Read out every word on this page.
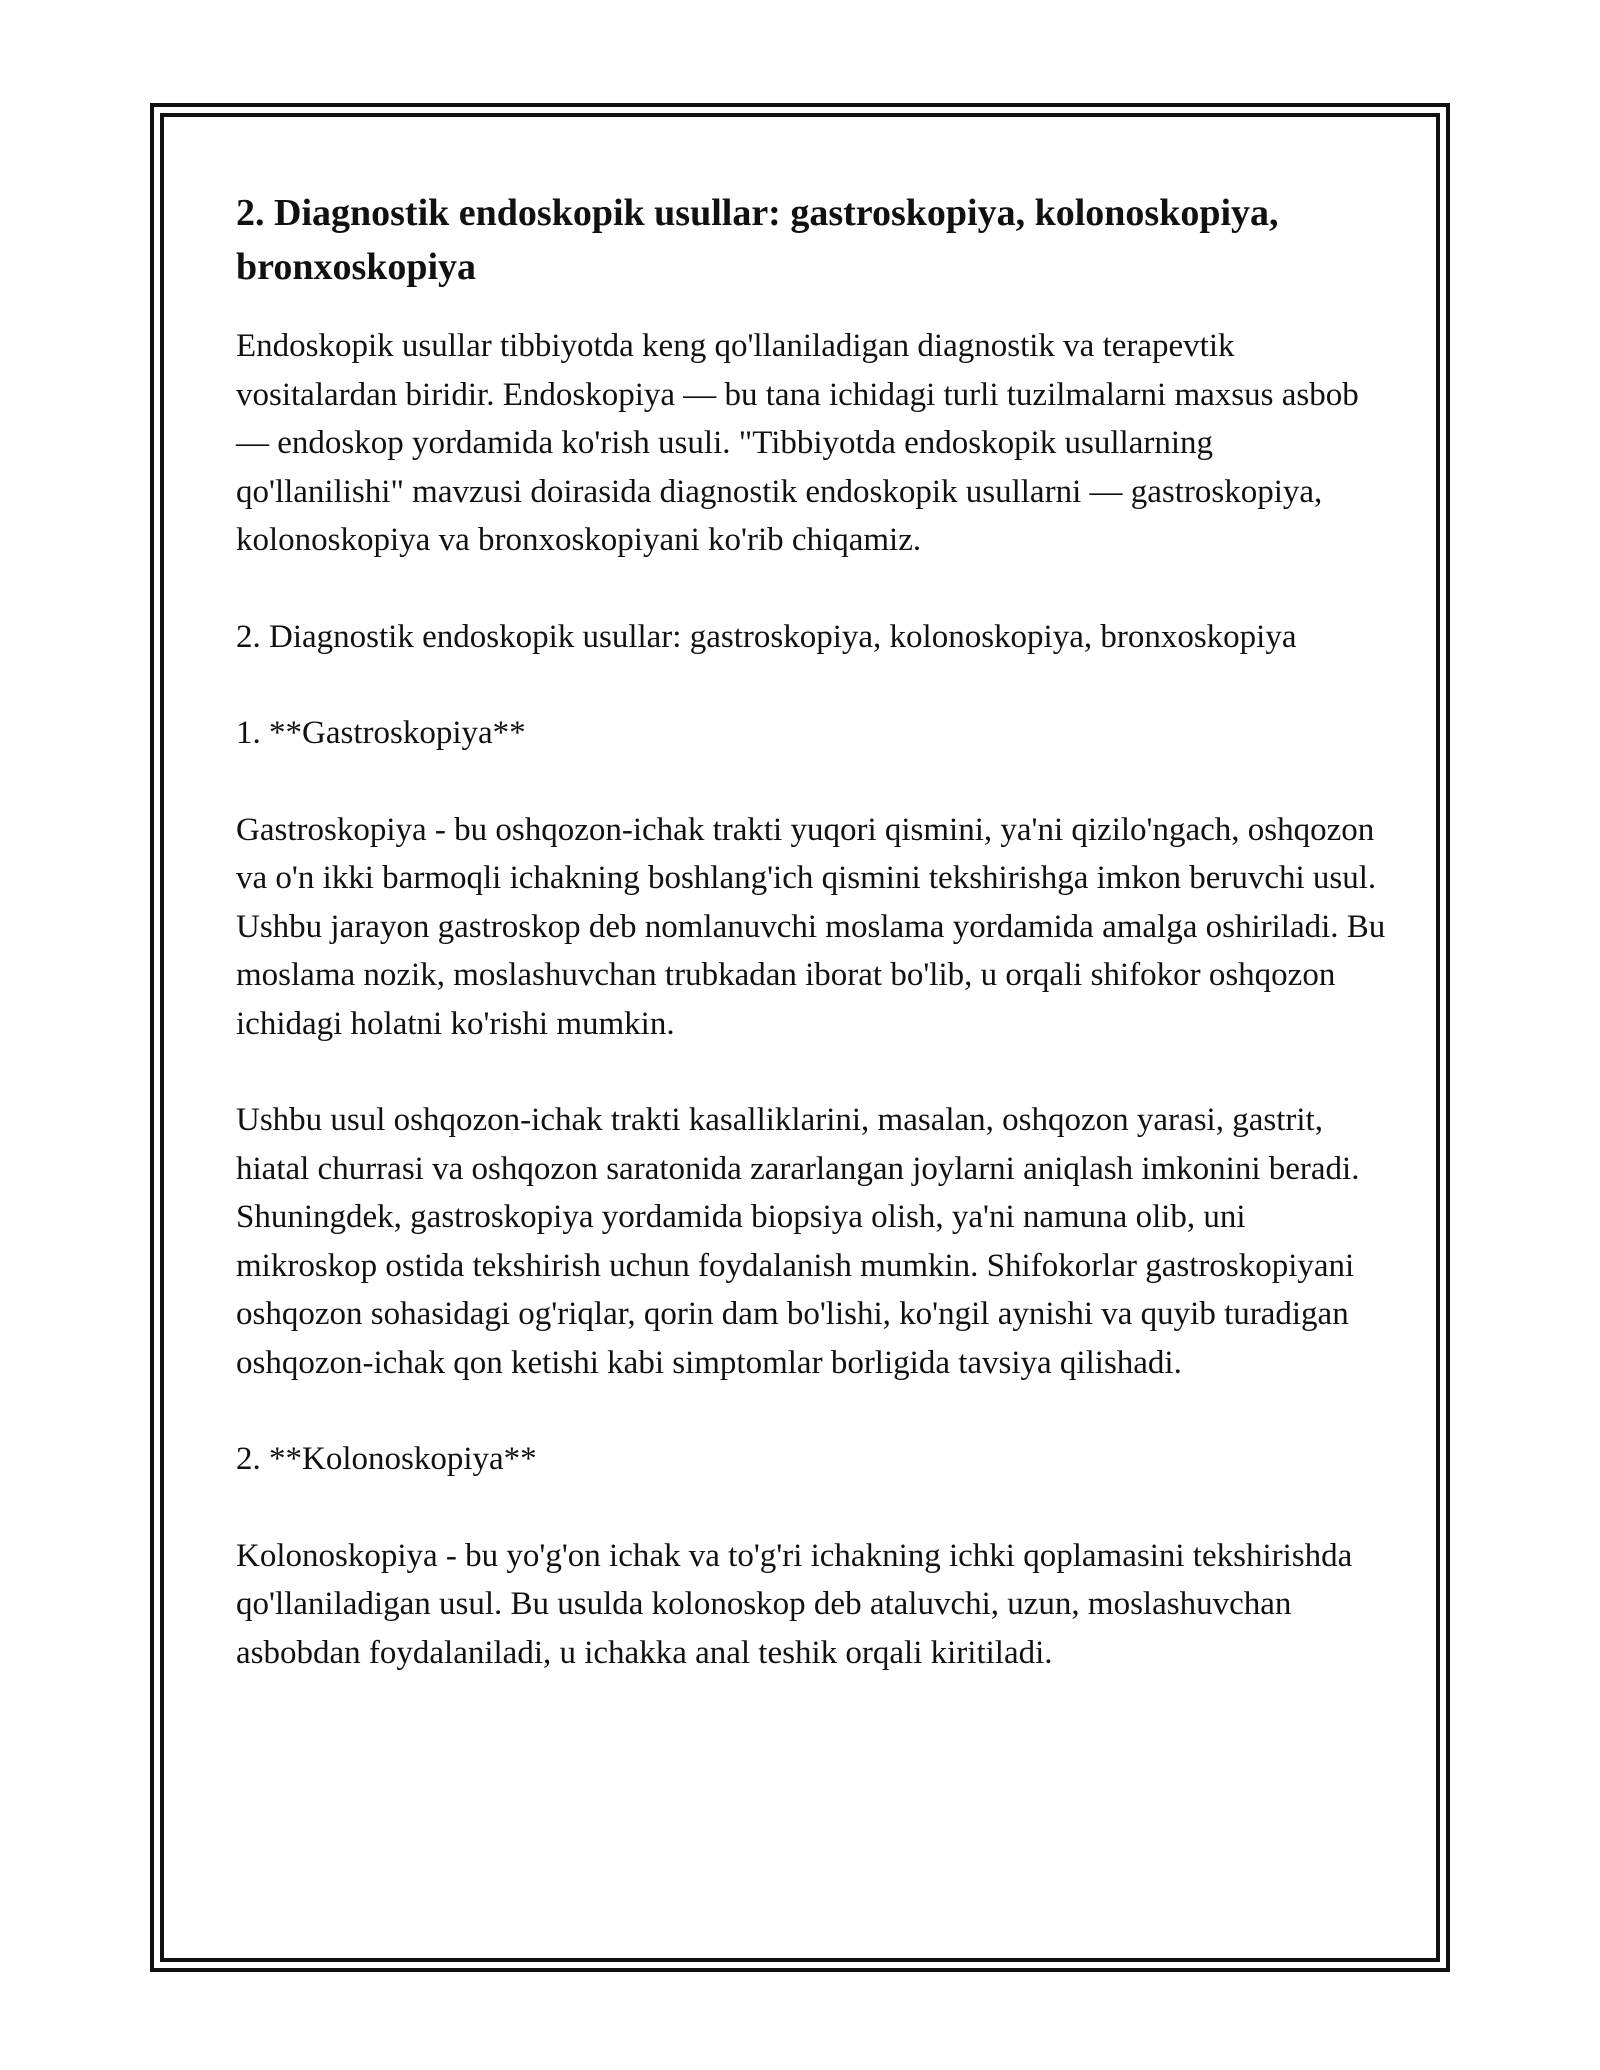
2. Diagnostik endoskopik usullar: gastroskopiya, kolonoskopiya, bronxoskopiya

Endoskopik usullar tibbiyotda keng qo'llaniladigan diagnostik va terapevtik vositalardan biridir. Endoskopiya — bu tana ichidagi turli tuzilmalarni maxsus asbob — endoskop yordamida ko'rish usuli. "Tibbiyotda endoskopik usullarning qo'llanilishi" mavzusi doirasida diagnostik endoskopik usullarni — gastroskopiya, kolonoskopiya va bronxoskopiyani ko'rib chiqamiz.

2. Diagnostik endoskopik usullar: gastroskopiya, kolonoskopiya, bronxoskopiya

1. **Gastroskopiya**

Gastroskopiya - bu oshqozon-ichak trakti yuqori qismini, ya'ni qizilo'ngach, oshqozon va o'n ikki barmoqli ichakning boshlang'ich qismini tekshirishga imkon beruvchi usul. Ushbu jarayon gastroskop deb nomlanuvchi moslama yordamida amalga oshiriladi. Bu moslama nozik, moslashuvchan trubkadan iborat bo'lib, u orqali shifokor oshqozon ichidagi holatni ko'rishi mumkin.

Ushbu usul oshqozon-ichak trakti kasalliklarini, masalan, oshqozon yarasi, gastrit, hiatal churrasi va oshqozon saratonida zararlangan joylarni aniqlash imkonini beradi. Shuningdek, gastroskopiya yordamida biopsiya olish, ya'ni namuna olib, uni mikroskop ostida tekshirish uchun foydalanish mumkin. Shifokorlar gastroskopiyani oshqozon sohasidagi og'riqlar, qorin dam bo'lishi, ko'ngil aynishi va quyib turadigan oshqozon-ichak qon ketishi kabi simptomlar borligida tavsiya qilishadi.

2. **Kolonoskopiya**

Kolonoskopiya - bu yo'g'on ichak va to'g'ri ichakning ichki qoplamasini tekshirishda qo'llaniladigan usul. Bu usulda kolonoskop deb ataluvchi, uzun, moslashuvchan asbobdan foydalaniladi, u ichakka anal teshik orqali kiritiladi.
